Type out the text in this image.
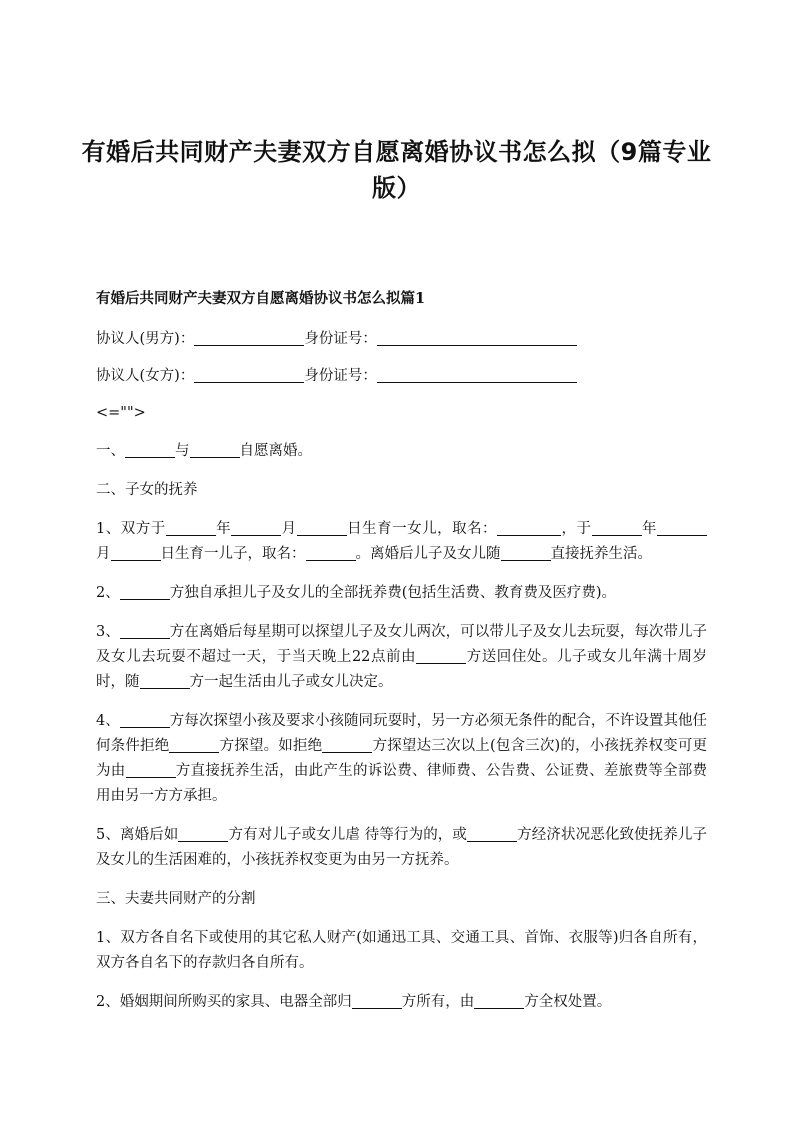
有婚后共同财产夫妻双方自愿离婚协议书怎么拟（9篇专业版）
有婚后共同财产夫妻双方自愿离婚协议书怎么拟篇1
协议人(男方)：	身份证号：
协议人(女方)：	身份证号：
<="">
一、	与	自愿离婚。
二、子女的抚养
1、双方于	年	月	日生育一女儿，取名：	，于	年月	日生育一儿子，取名：	。离婚后儿子及女儿随	直接抚养生活。
2、	方独自承担儿子及女儿的全部抚养费(包括生活费、教育费及医疗费)。
3、	方在离婚后每星期可以探望儿子及女儿两次，可以带儿子及女儿去玩耍，每次带儿子及女儿去玩耍不超过一天，于当天晚上22点前由	方送回住处。儿子或女儿年满十周岁时，随	方一起生活由儿子或女儿决定。
4、	方每次探望小孩及要求小孩随同玩耍时，另一方必须无条件的配合，不许设置其他任何条件拒绝	方探望。如拒绝	方探望达三次以上(包含三次)的，小孩抚养权变可更为由	方直接抚养生活，由此产生的诉讼费、律师费、公告费、公证费、差旅费等全部费用由另一方方承担。
5、离婚后如	方有对儿子或女儿虐 待等行为的，或	方经济状况恶化致使抚养儿子及女儿的生活困难的，小孩抚养权变更为由另一方抚养。
三、夫妻共同财产的分割
1、双方各自名下或使用的其它私人财产(如通迅工具、交通工具、首饰、衣服等)归各自所有，双方各自名下的存款归各自所有。
2、婚姻期间所购买的家具、电器全部归	方所有，由	方全权处置。
